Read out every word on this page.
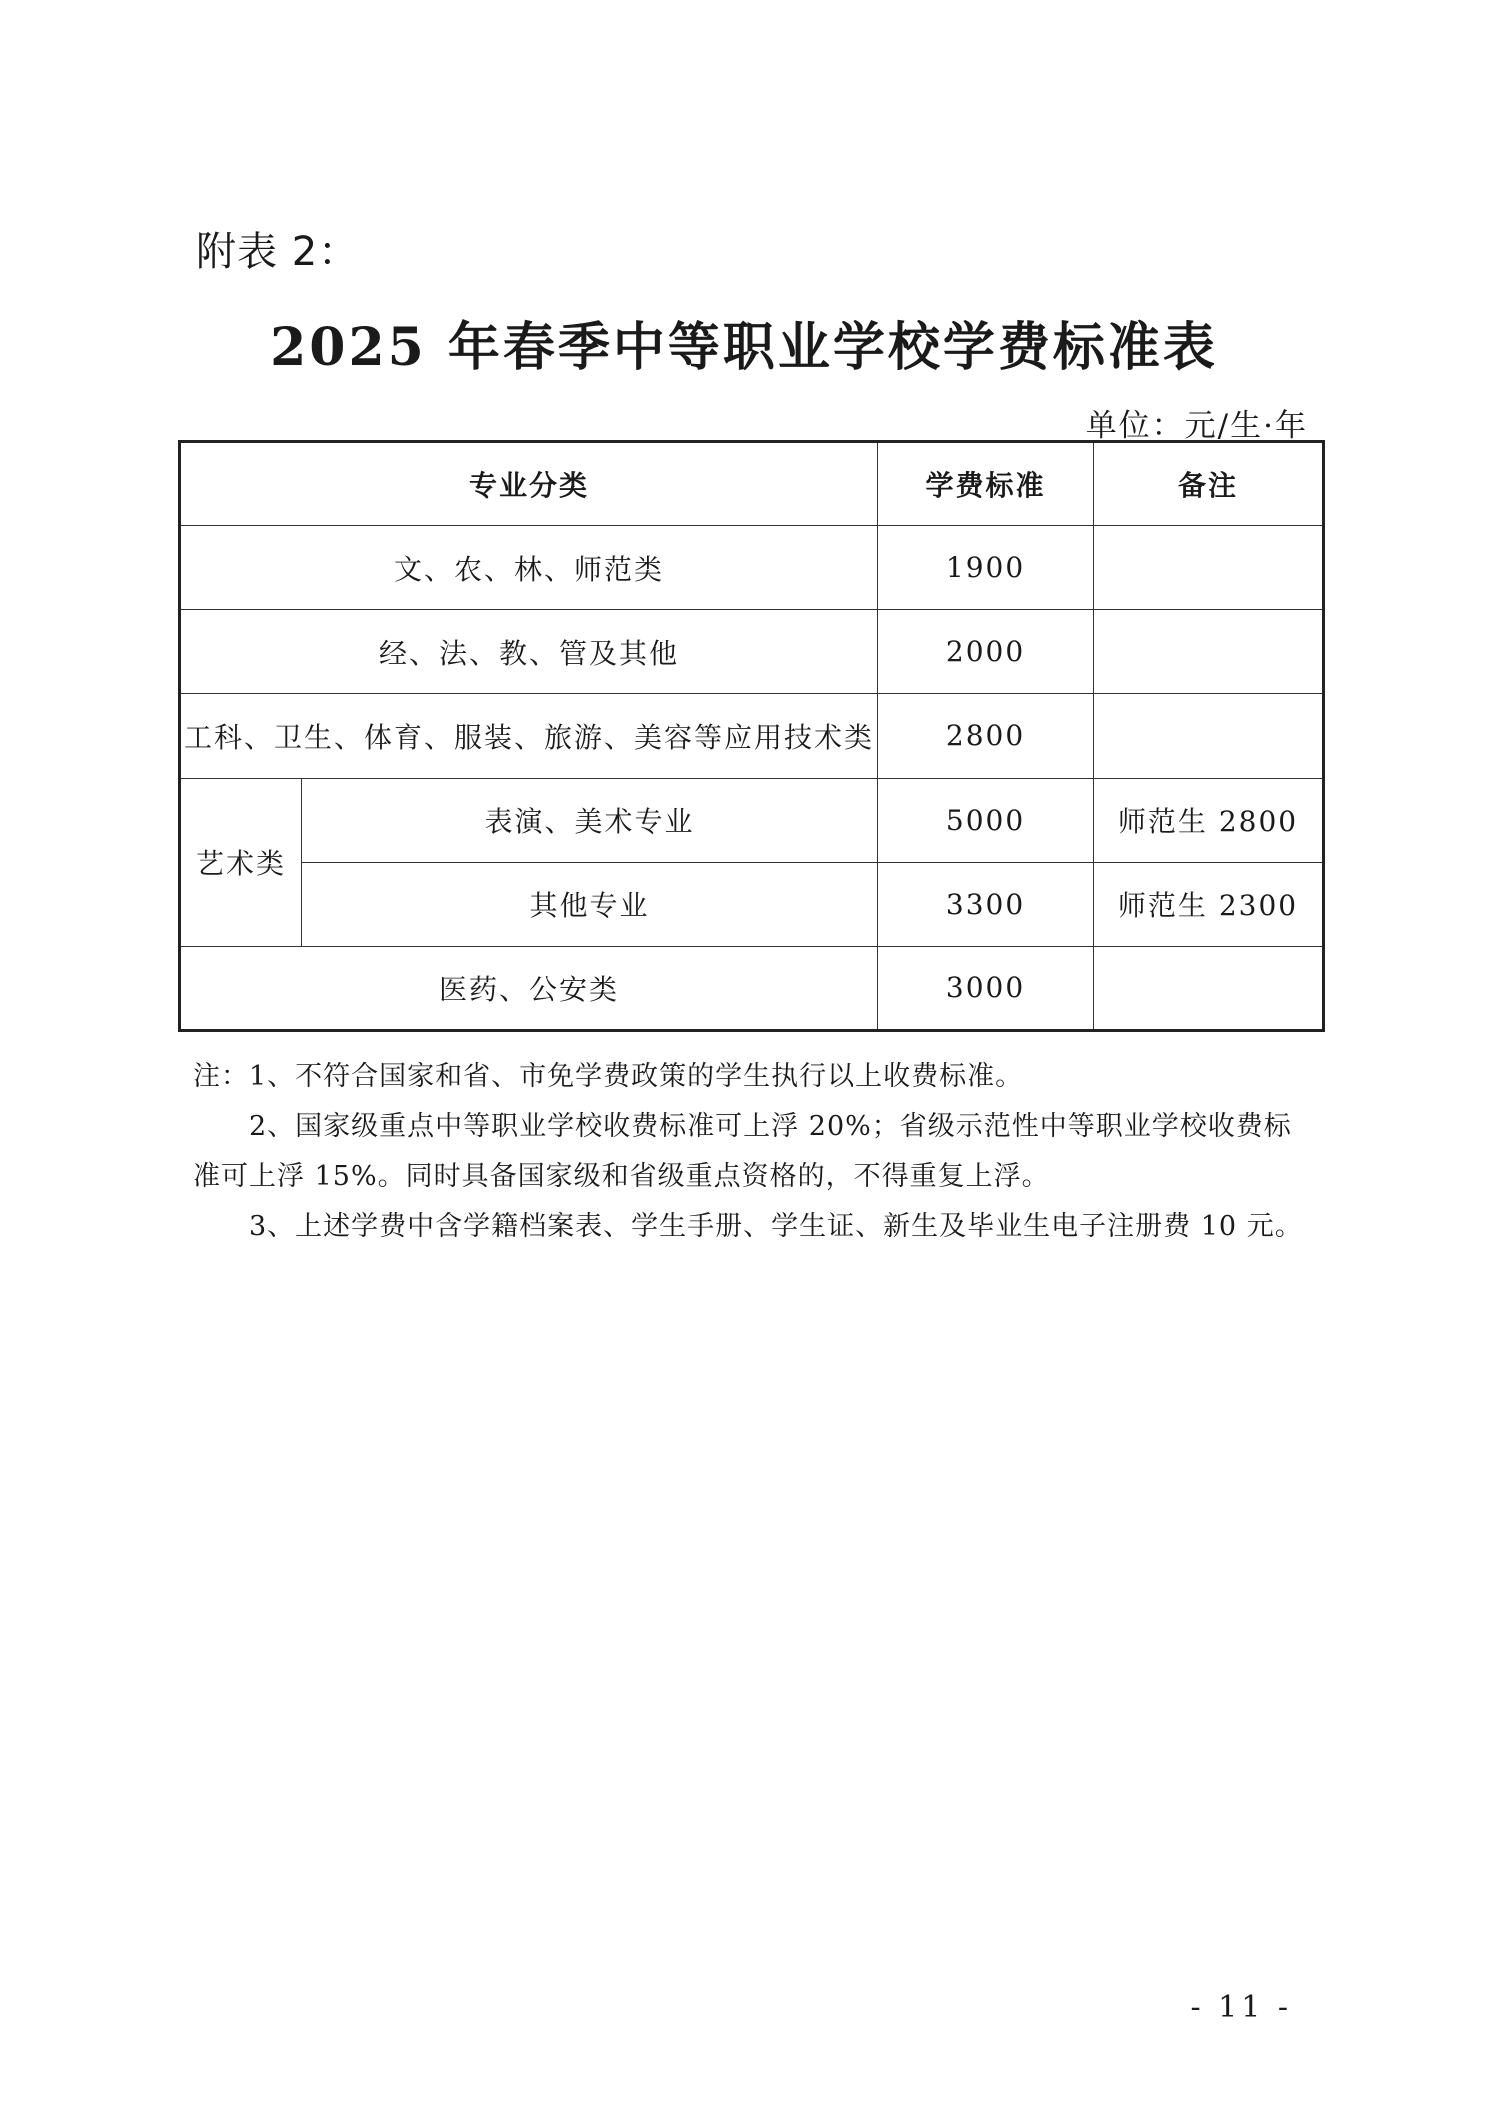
附表 2：
2025 年春季中等职业学校学费标准表
单位：元/生·年
专业分类		学费标准	备注
文、农、林、师范类		1900	
经、法、教、管及其他		2000	
工科、卫生、体育、服装、旅游、美容等应用技术类		2800	
艺术类	表演、美术专业	5000	师范生 2800
	其他专业	3300	师范生 2300
医药、公安类		3000	

注：1、不符合国家和省、市免学费政策的学生执行以上收费标准。

2、国家级重点中等职业学校收费标准可上浮 20%；省级示范性中等职业学校收费标准可上浮 15%。同时具备国家级和省级重点资格的，不得重复上浮。

3、上述学费中含学籍档案表、学生手册、学生证、新生及毕业生电子注册费 10 元。

- 11 -
